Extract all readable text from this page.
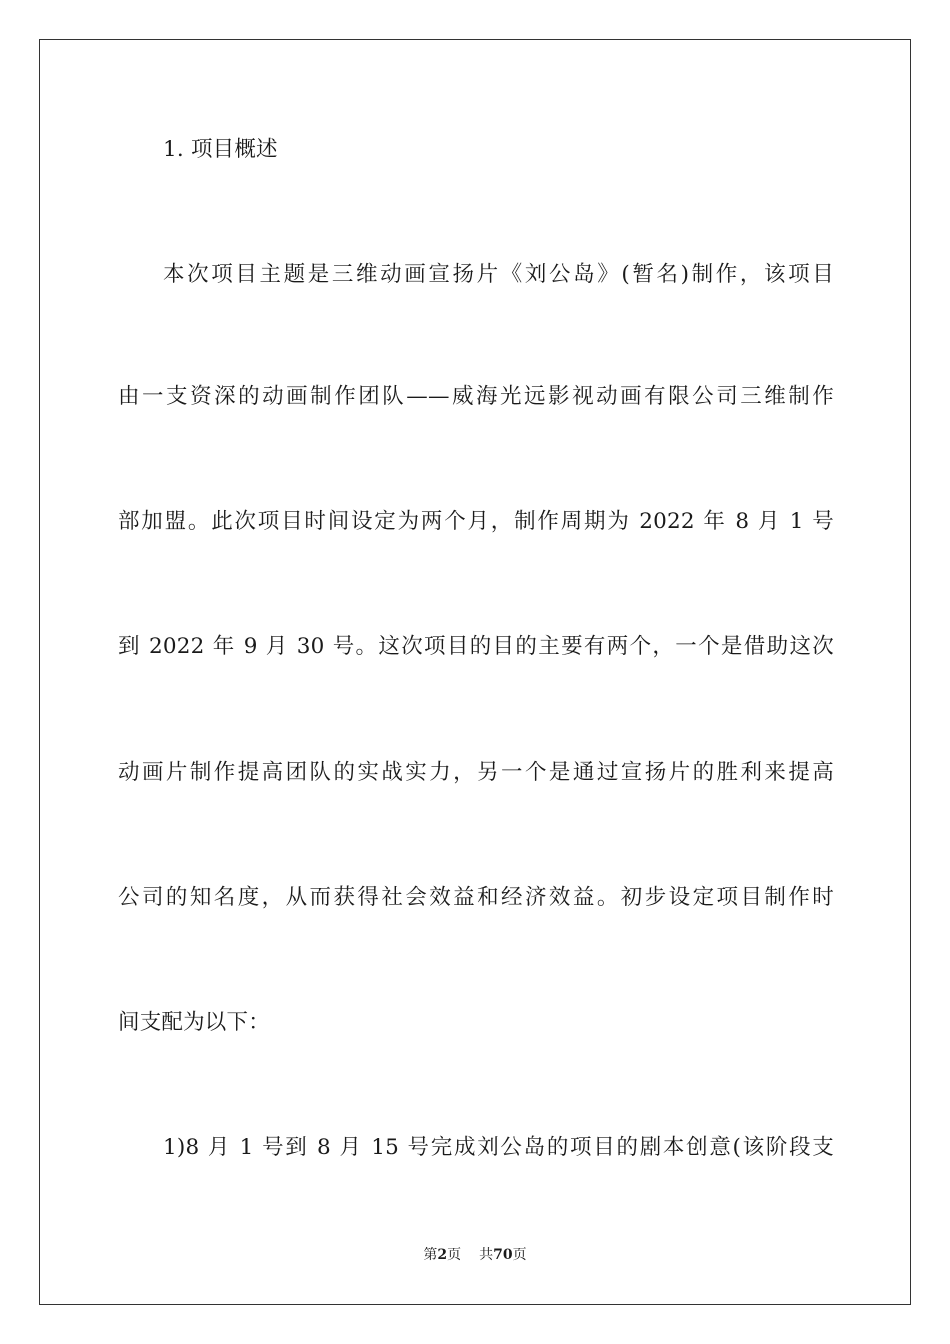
1. 项目概述
本次项目主题是三维动画宣扬片《刘公岛》(暂名)制作，该项目
由一支资深的动画制作团队——威海光远影视动画有限公司三维制作
部加盟。此次项目时间设定为两个月，制作周期为 2022 年 8 月 1 号
到 2022 年 9 月 30 号。这次项目的目的主要有两个，一个是借助这次
动画片制作提高团队的实战实力，另一个是通过宣扬片的胜利来提高
公司的知名度，从而获得社会效益和经济效益。初步设定项目制作时
间支配为以下：
1)8 月 1 号到 8 月 15 号完成刘公岛的项目的剧本创意(该阶段支
第2页 共70页
